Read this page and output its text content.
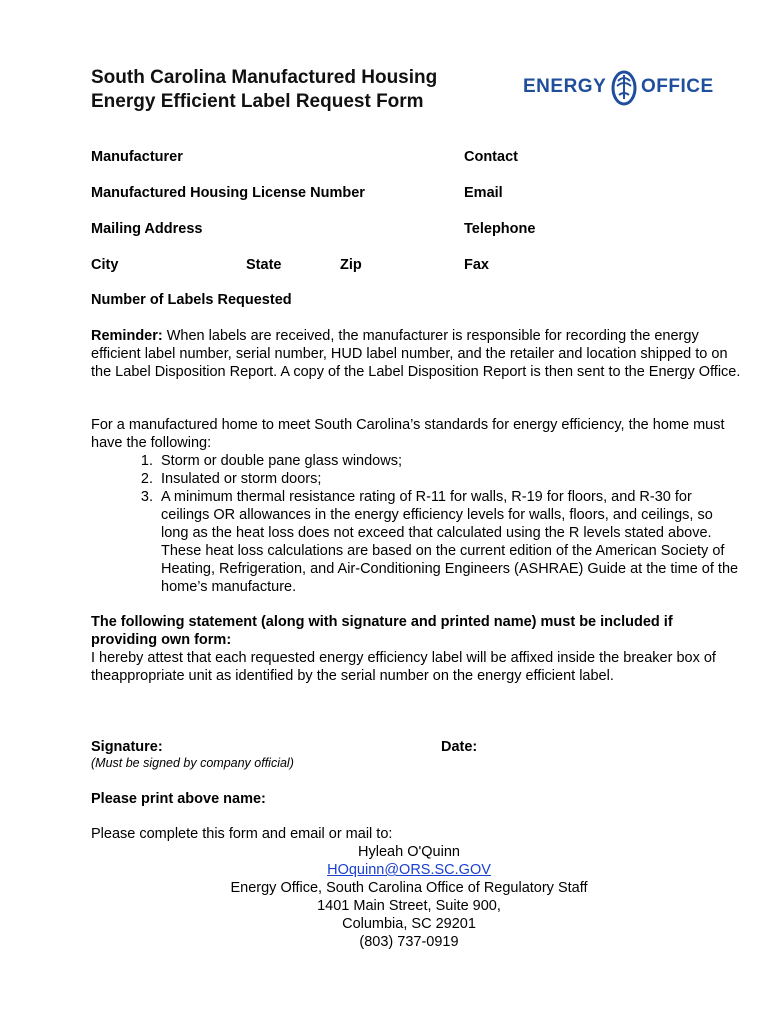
South Carolina Manufactured Housing
Energy Efficient Label Request Form
ENERGY OFFICE
Manufacturer	Contact
Manufactured Housing License Number	Email
Mailing Address	Telephone
City	State	Zip	Fax
Number of Labels Requested
Reminder: When labels are received, the manufacturer is responsible for recording the energy efficient label number, serial number, HUD label number, and the retailer and location shipped to on the Label Disposition Report. A copy of the Label Disposition Report is then sent to the Energy Office.
For a manufactured home to meet South Carolina’s standards for energy efficiency, the home must have the following:
1. Storm or double pane glass windows;
2. Insulated or storm doors;
3. A minimum thermal resistance rating of R-11 for walls, R-19 for floors, and R-30 for ceilings OR allowances in the energy efficiency levels for walls, floors, and ceilings, so long as the heat loss does not exceed that calculated using the R levels stated above. These heat loss calculations are based on the current edition of the American Society of Heating, Refrigeration, and Air-Conditioning Engineers (ASHRAE) Guide at the time of the home’s manufacture.
The following statement (along with signature and printed name) must be included if providing own form:
I hereby attest that each requested energy efficiency label will be affixed inside the breaker box of theappropriate unit as identified by the serial number on the energy efficient label.
Signature:	Date:
(Must be signed by company official)
Please print above name:
Please complete this form and email or mail to:
Hyleah O'Quinn
HOquinn@ORS.SC.GOV
Energy Office, South Carolina Office of Regulatory Staff
1401 Main Street, Suite 900,
Columbia, SC 29201
(803) 737-0919
